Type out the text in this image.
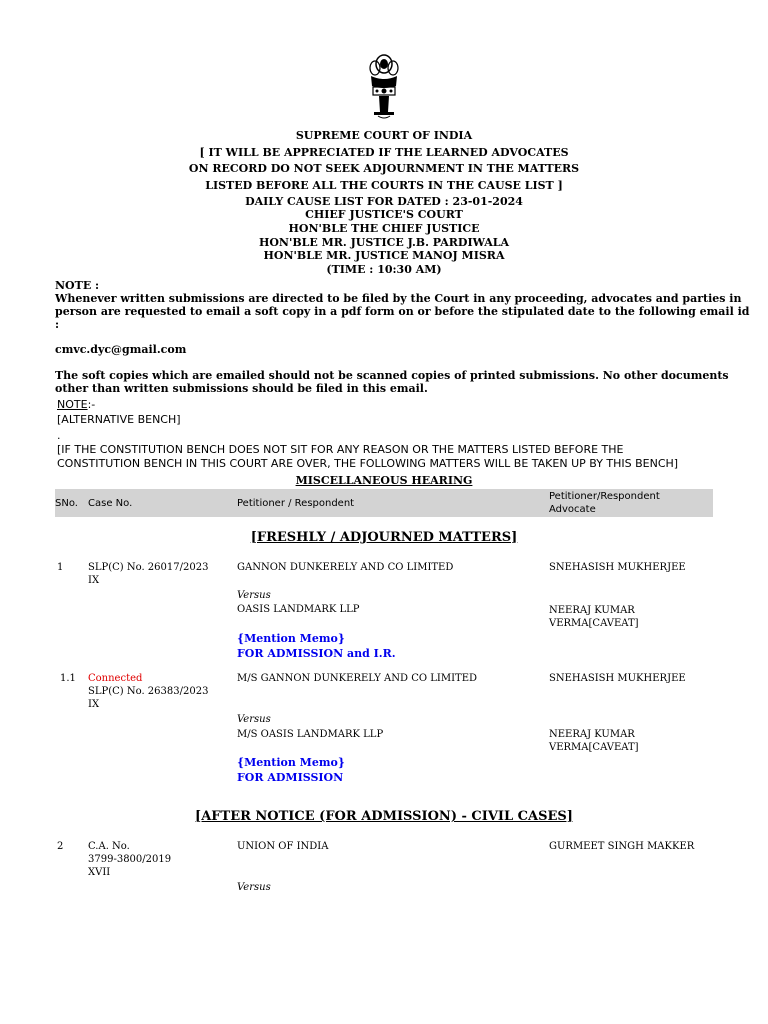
SUPREME COURT OF INDIA
[ IT WILL BE APPRECIATED IF THE LEARNED ADVOCATES
ON RECORD DO NOT SEEK ADJOURNMENT IN THE MATTERS
LISTED BEFORE ALL THE COURTS IN THE CAUSE LIST ]
DAILY CAUSE LIST FOR DATED : 23-01-2024
CHIEF JUSTICE'S COURT
HON'BLE THE CHIEF JUSTICE
HON'BLE MR. JUSTICE J.B. PARDIWALA
HON'BLE MR. JUSTICE MANOJ MISRA
(TIME : 10:30 AM)
NOTE :
Whenever written submissions are directed to be filed by the Court in any proceeding, advocates and parties in
person are requested to email a soft copy in a pdf form on or before the stipulated date to the following email id
:
cmvc.dyc@gmail.com
The soft copies which are emailed should not be scanned copies of printed submissions. No other documents
other than written submissions should be filed in this email.
NOTE:-
[ALTERNATIVE BENCH]
.
[IF THE CONSTITUTION BENCH DOES NOT SIT FOR ANY REASON OR THE MATTERS LISTED BEFORE THE
CONSTITUTION BENCH IN THIS COURT ARE OVER, THE FOLLOWING MATTERS WILL BE TAKEN UP BY THIS BENCH]
MISCELLANEOUS HEARING
SNo. Case No.	Petitioner / Respondent
Petitioner/Respondent
Advocate
[FRESHLY / ADJOURNED MATTERS]
1 SLP(C) No. 26017/2023
IX
GANNON DUNKERELY AND CO LIMITED	SNEHASISH MUKHERJEE
Versus
OASIS LANDMARK LLP	NEERAJ KUMAR
VERMA[CAVEAT]
{Mention Memo}
FOR ADMISSION and I.R.
1.1 Connected
SLP(C) No. 26383/2023
IX
M/S GANNON DUNKERELY AND CO LIMITED	SNEHASISH MUKHERJEE
Versus
M/S OASIS LANDMARK LLP	NEERAJ KUMAR
VERMA[CAVEAT]
{Mention Memo}
FOR ADMISSION
[AFTER NOTICE (FOR ADMISSION) - CIVIL CASES]
2 C.A. No.
3799-3800/2019
XVII
UNION OF INDIA	GURMEET SINGH MAKKER
Versus
